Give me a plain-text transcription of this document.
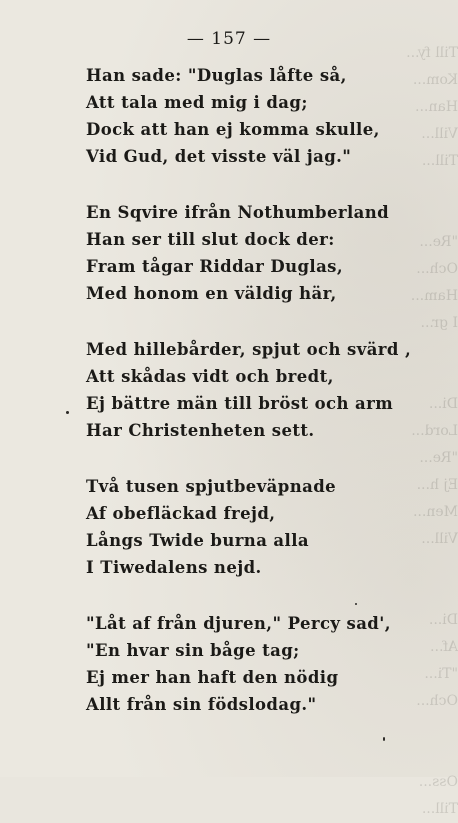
Till fy...
Kom...
Han...
Vill...
Till...

"Re...
Och...
Ham...
I gr...

Di...
Lord...
"Re...
Ej h...
Men...
Vill...

Di...
Af...
"Ti...
Och...

Oss...
Till...
— 157 —
Han sade: "Duglas låfte så,
Att tala med mig i dag;
Dock att han ej komma skulle,
Vid Gud, det visste väl jag."
En Sqvire ifrån Nothumberland
Han ser till slut dock der:
Fram tågar Riddar Duglas,
Med honom en väldig här,
Med hillebårder, spjut och svärd ,
Att skådas vidt och bredt,
Ej bättre män till bröst och arm
Har Christenheten sett.
Två tusen spjutbeväpnade
Af obefläckad frejd,
Långs Twide burna alla
I Tiwedalens nejd.
"Låt af från djuren," Percy sad',
"En hvar sin båge tag;
Ej mer han haft den nödig
Allt från sin födslodag."
